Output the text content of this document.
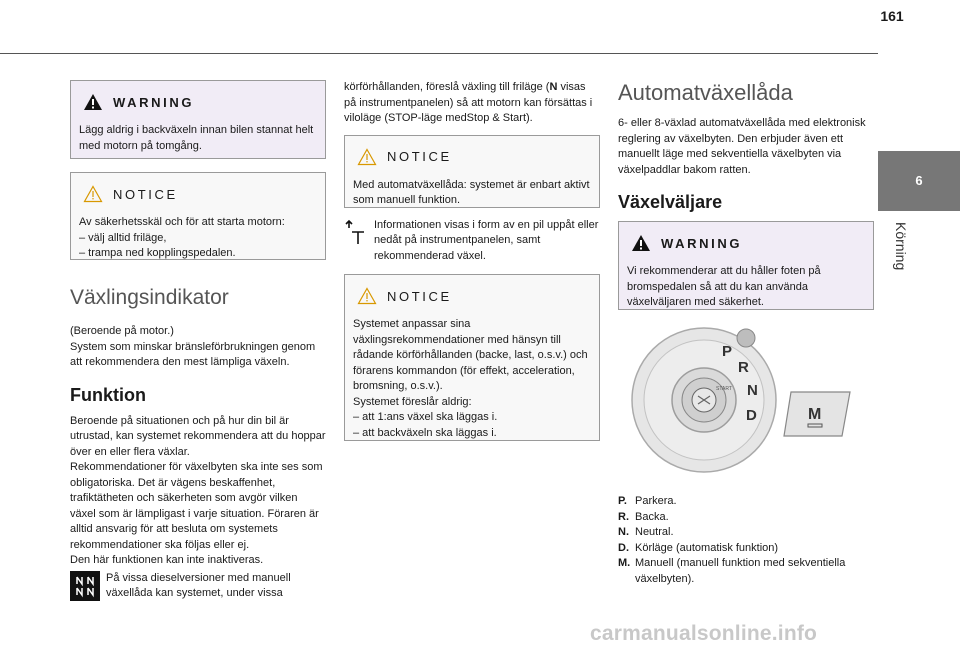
161
6
Körning
WARNING
Lägg aldrig i backväxeln innan bilen stannat helt med motorn på tomgång.
NOTICE
Av säkerhetsskäl och för att starta motorn:
– välj alltid friläge,
– trampa ned kopplingspedalen.
Växlingsindikator

(Beroende på motor.)

System som minskar bränsleförbrukningen genom att rekommendera den mest lämpliga växeln.

Funktion

Beroende på situationen och på hur din bil är utrustad, kan systemet rekommendera att du hoppar över en eller flera växlar.

Rekommendationer för växelbyten ska inte ses som obligatoriska. Det är vägens beskaffenhet, trafiktätheten och säkerheten som avgör vilken växel som är lämpligast i varje situation. Föraren är alltid ansvarig för att besluta om systemets rekommendationer ska följas eller ej.

Den här funktionen kan inte inaktiveras.

På vissa dieselversioner med manuell växellåda kan systemet, under vissa

körförhållanden, föreslå växling till friläge (N visas på instrumentpanelen) så att motorn kan försättas i viloläge (STOP-läge medStop & Start).

NOTICE
Med automatväxellåda: systemet är enbart aktivt som manuell funktion.

Informationen visas i form av en pil uppåt eller nedåt på instrumentpanelen, samt rekommenderad växel.

NOTICE
Systemet anpassar sina växlingsrekommendationer med hänsyn till rådande körförhållanden (backe, last, o.s.v.) och förarens kommandon (för effekt, acceleration, bromsning, o.s.v.).
Systemet föreslår aldrig:
– att 1:ans växel ska läggas i.
– att backväxeln ska läggas i.
Automatväxellåda

6- eller 8-växlad automatväxellåda med elektronisk reglering av växelbyten. Den erbjuder även ett manuellt läge med sekventiella växelbyten via växelpaddlar bakom ratten.

Växelväljare
WARNING
Vi rekommenderar att du håller foten på bromspedalen så att du kan använda växelväljaren med säkerhet.
P
R
N
D
START
M
P. Parkera.
R. Backa.
N. Neutral.
D. Körläge (automatisk funktion)
M. Manuell (manuell funktion med sekventiella växelbyten).
carmanualsonline.info
